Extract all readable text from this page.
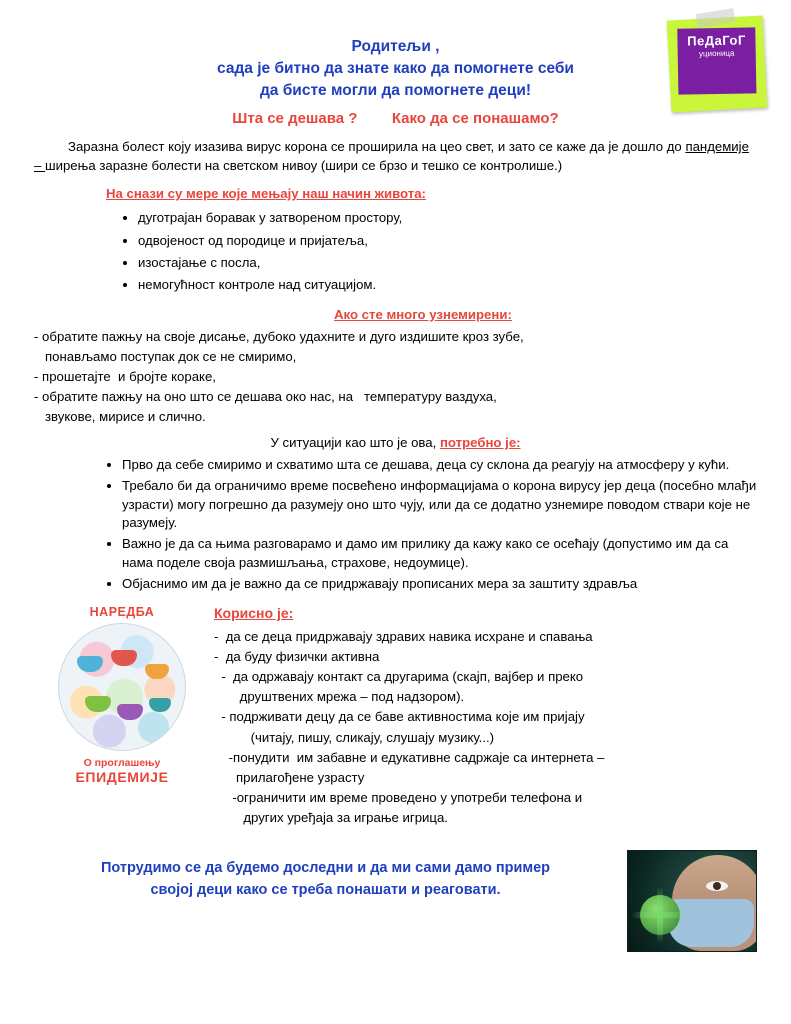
ПеДаГоГ
уционица
Родитељи ,
сада је битно да знате како да помогнете себи
да бисте могли да помогнете деци!
Шта се дешава ? Како да се понашамо?
Заразна болест коју изазива вирус корона се проширила на цео свет, и зато се каже да је дошло до пандемије – ширења заразне болести на светском нивоу (шири се брзо и тешко се контролише.)
На снази су мере које мењају наш начин живота:
• дуготрајан боравак у затвореном простору,
• одвојеност од породице и пријатеља,
• изостајање с посла,
• немогућност контроле над ситуацијом.
Ако сте много узнемирени:
- обратите пажњу на своје дисање, дубоко удахните и дуго издишите кроз зубе,
понављамо поступак док се не смиримо,
- прошетајте  и бројте кораке,
- обратите пажњу на оно што се дешава око нас, на   температуру ваздуха,
звукове, мирисе и слично.
У ситуацији као што је ова, потребно је:
• Прво да себе смиримо и схватимо шта се дешава, деца су склона да реагују на атмосферу у кући.
• Требало би да ограничимо време посвећено информацијама о корона вирусу јер деца (посебно млађи узрасти) могу погрешно да разумеју оно што чују, или да се додатно узнемире поводом ствари које не разумеју.
• Важно је да са њима разговарамо и дамо им прилику да кажу како се осећају (допустимо им да са нама поделе своја размишљања, страхове, недоумице).
• Објаснимо им да је важно да се придржавају прописаних мера за заштиту здравља
НАРЕДБА
О проглашењу
ЕПИДЕМИЈЕ
Корисно је:
-  да се деца придржавају здравих навика исхране и спавања
-  да буду физички активна
-  да одржавају контакт са другарима (скајп, вајбер и преко
друштвених мрежа – под надзором).
- подрживати децу да се баве активностима које им пријају
(читају, пишу, сликају, слушају музику...)
-понудити  им забавне и едукативне садржаје са интернета –
прилагођене узрасту
-ограничити им време проведено у употреби телефона и
других уређаја за играње игрица.
Потрудимо се да будемо доследни и да ми сами дамо пример
својој деци како се треба понашати и реаговати.
